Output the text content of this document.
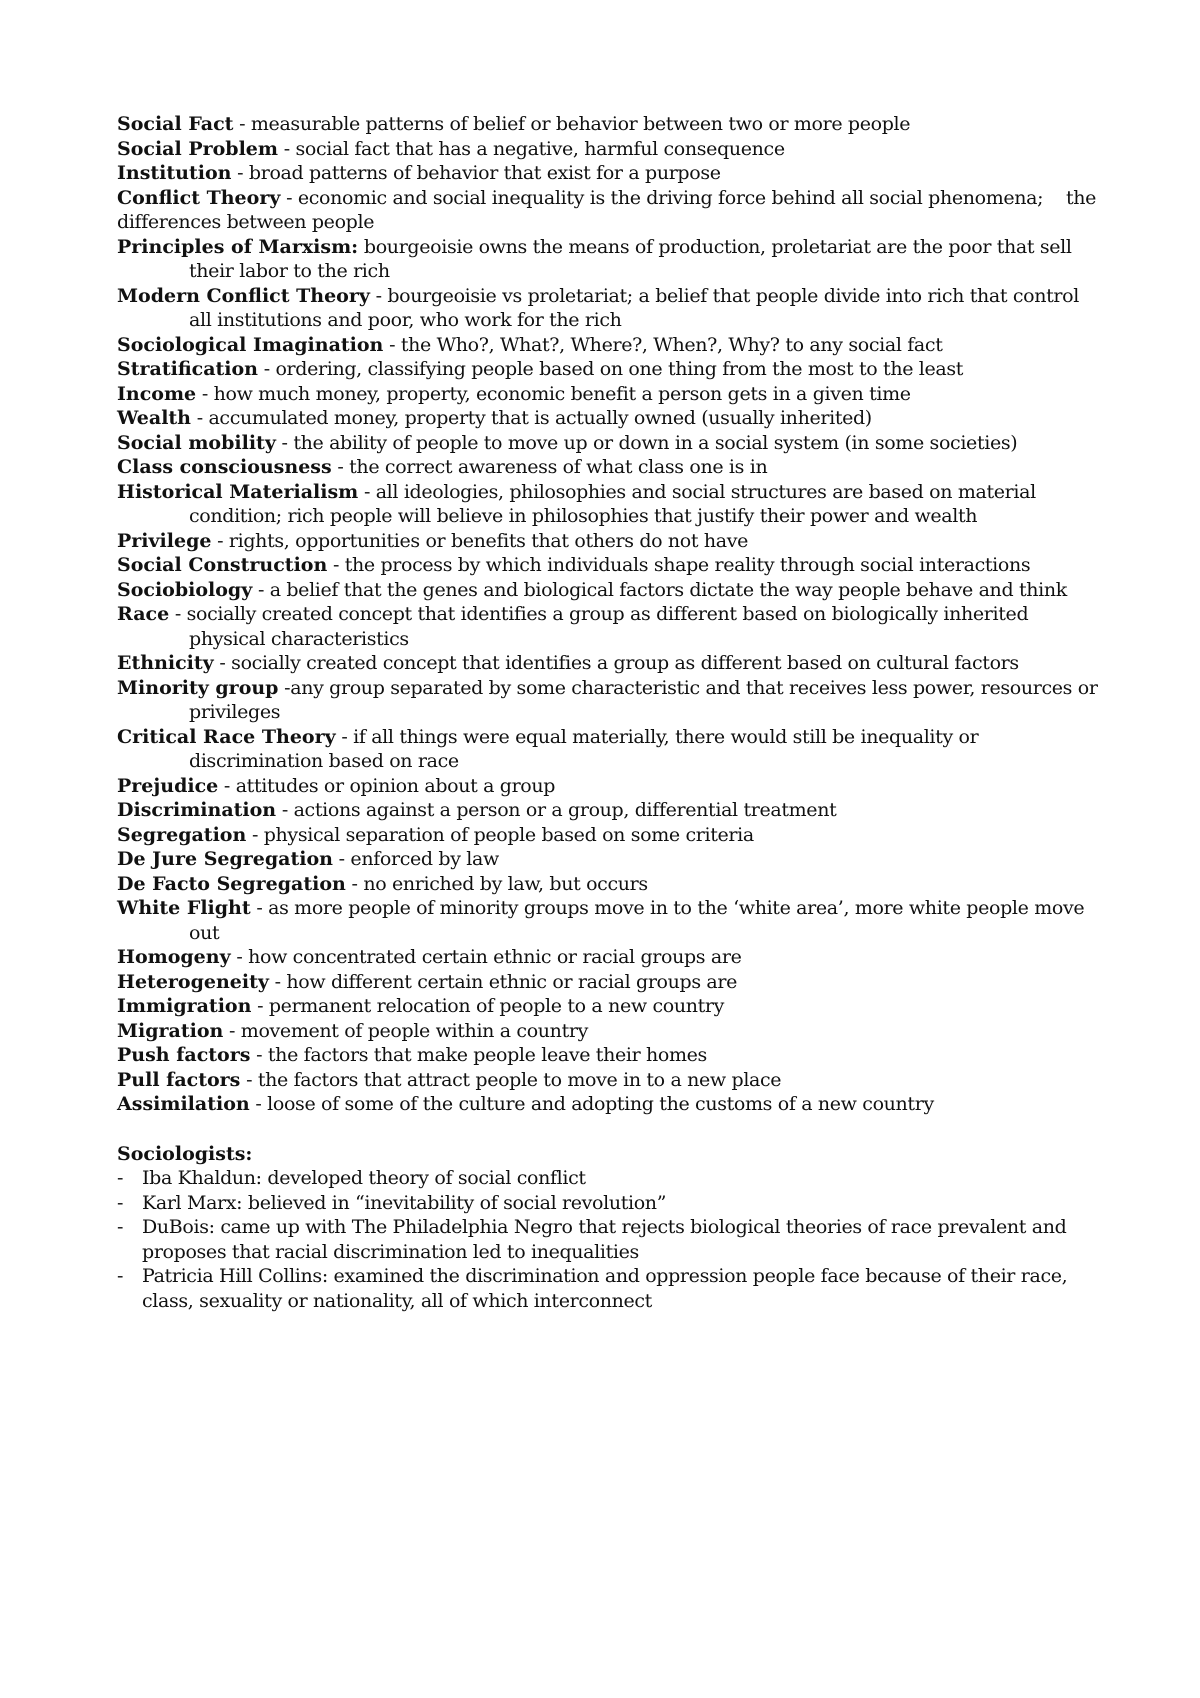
Social Fact - measurable patterns of belief or behavior between two or more people

Social Problem - social fact that has a negative, harmful consequence

Institution - broad patterns of behavior that exist for a purpose

Conflict Theory - economic and social inequality is the driving force behind all social phenomena;    the differences between people

Principles of Marxism: bourgeoisie owns the means of production, proletariat are the poor that sell their labor to the rich

Modern Conflict Theory - bourgeoisie vs proletariat; a belief that people divide into rich that control all institutions and poor, who work for the rich

Sociological Imagination - the Who?, What?, Where?, When?, Why? to any social fact

Stratification - ordering, classifying people based on one thing from the most to the least

Income - how much money, property, economic benefit a person gets in a given time

Wealth - accumulated money, property that is actually owned (usually inherited)

Social mobility - the ability of people to move up or down in a social system (in some societies)

Class consciousness - the correct awareness of what class one is in

Historical Materialism - all ideologies, philosophies and social structures are based on material condition; rich people will believe in philosophies that justify their power and wealth

Privilege - rights, opportunities or benefits that others do not have

Social Construction - the process by which individuals shape reality through social interactions

Sociobiology - a belief that the genes and biological factors dictate the way people behave and think

Race - socially created concept that identifies a group as different based on biologically inherited physical characteristics

Ethnicity - socially created concept that identifies a group as different based on cultural factors

Minority group -any group separated by some characteristic and that receives less power, resources or privileges

Critical Race Theory - if all things were equal materially, there would still be inequality or discrimination based on race

Prejudice - attitudes or opinion about a group

Discrimination - actions against a person or a group, differential treatment

Segregation - physical separation of people based on some criteria

De Jure Segregation - enforced by law

De Facto Segregation - no enriched by law, but occurs

White Flight - as more people of minority groups move in to the ‘white area’, more white people move out

Homogeny - how concentrated certain ethnic or racial groups are

Heterogeneity - how different certain ethnic or racial groups are

Immigration - permanent relocation of people to a new country

Migration - movement of people within a country

Push factors - the factors that make people leave their homes

Pull factors - the factors that attract people to move in to a new place

Assimilation - loose of some of the culture and adopting the customs of a new country

Sociologists:

- Iba Khaldun: developed theory of social conflict
- Karl Marx: believed in “inevitability of social revolution”
- DuBois: came up with The Philadelphia Negro that rejects biological theories of race prevalent and proposes that racial discrimination led to inequalities
- Patricia Hill Collins: examined the discrimination and oppression people face because of their race, class, sexuality or nationality, all of which interconnect
